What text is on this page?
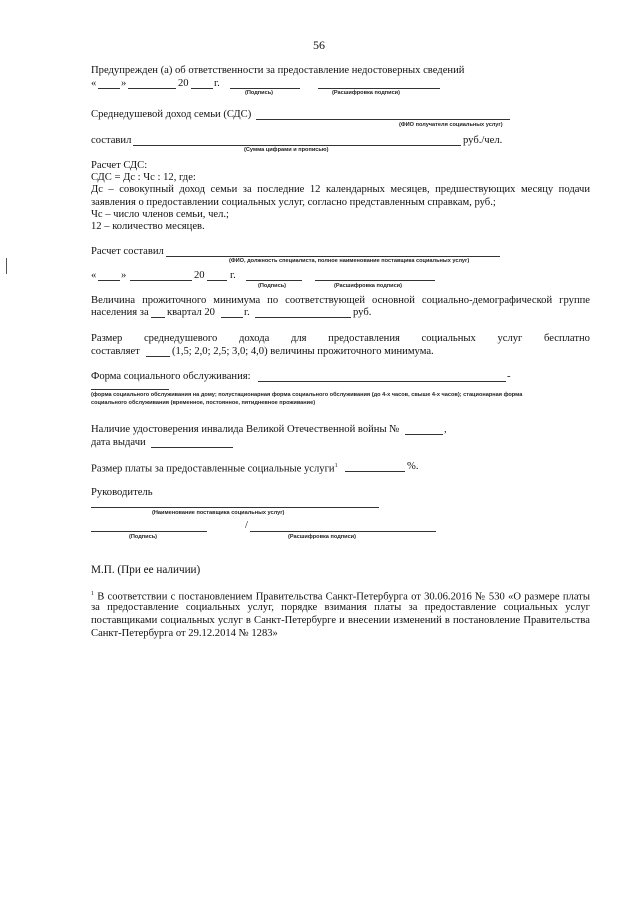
56
Предупрежден (а) об ответственности за предоставление недостоверных сведений
« »	20 г.
(Подпись)	(Расшифровка подписи)
Среднедушевой доход семьи (СДС)
(ФИО получателя социальных услуг)
составил	руб./чел.
(Сумма цифрами и прописью)
Расчет СДС:
СДС = Дс : Чс : 12, где:
Дс – совокупный доход семьи за последние 12 календарных месяцев, предшествующих месяцу подачи
заявления о предоставлении социальных услуг, согласно представленным справкам, руб.;
Чс – число членов семьи, чел.;
12 – количество месяцев.
Расчет составил
(ФИО, должность специалиста, полное наименование поставщика социальных услуг)
« »	20 г.
(Подпись)	(Расшифровка подписи)
Величина прожиточного минимума по соответствующей основной социально-демографической группе
населения за квартал 20	г.	руб.
Размер среднедушевого дохода для предоставления социальных услуг бесплатно
составляет	(1,5; 2,0; 2,5; 3,0; 4,0) величины прожиточного минимума.
Форма социального обслуживания:	-
(форма социального обслуживания на дому; полустационарная форма социального обслуживания (до 4-х часов, свыше 4-х часов); стационарная форма
социального обслуживания (временное, постоянное, пятидневное проживание)
Наличие удостоверения инвалида Великой Отечественной войны №	,
дата выдачи
Размер платы за предоставленные социальные услуги$^1$	%.
Руководитель
(Наименование поставщика социальных услуг)
/
(Подпись)	(Расшифровка подписи)
М.П. (При ее наличии)
$^1$ В соответствии с постановлением Правительства Санкт-Петербурга от 30.06.2016 № 530 «О размере платы
за предоставление социальных услуг, порядке взимания платы за предоставление социальных услуг
поставщиками социальных услуг в Санкт-Петербурге и внесении изменений в постановление Правительства
Санкт-Петербурга от 29.12.2014 № 1283»
